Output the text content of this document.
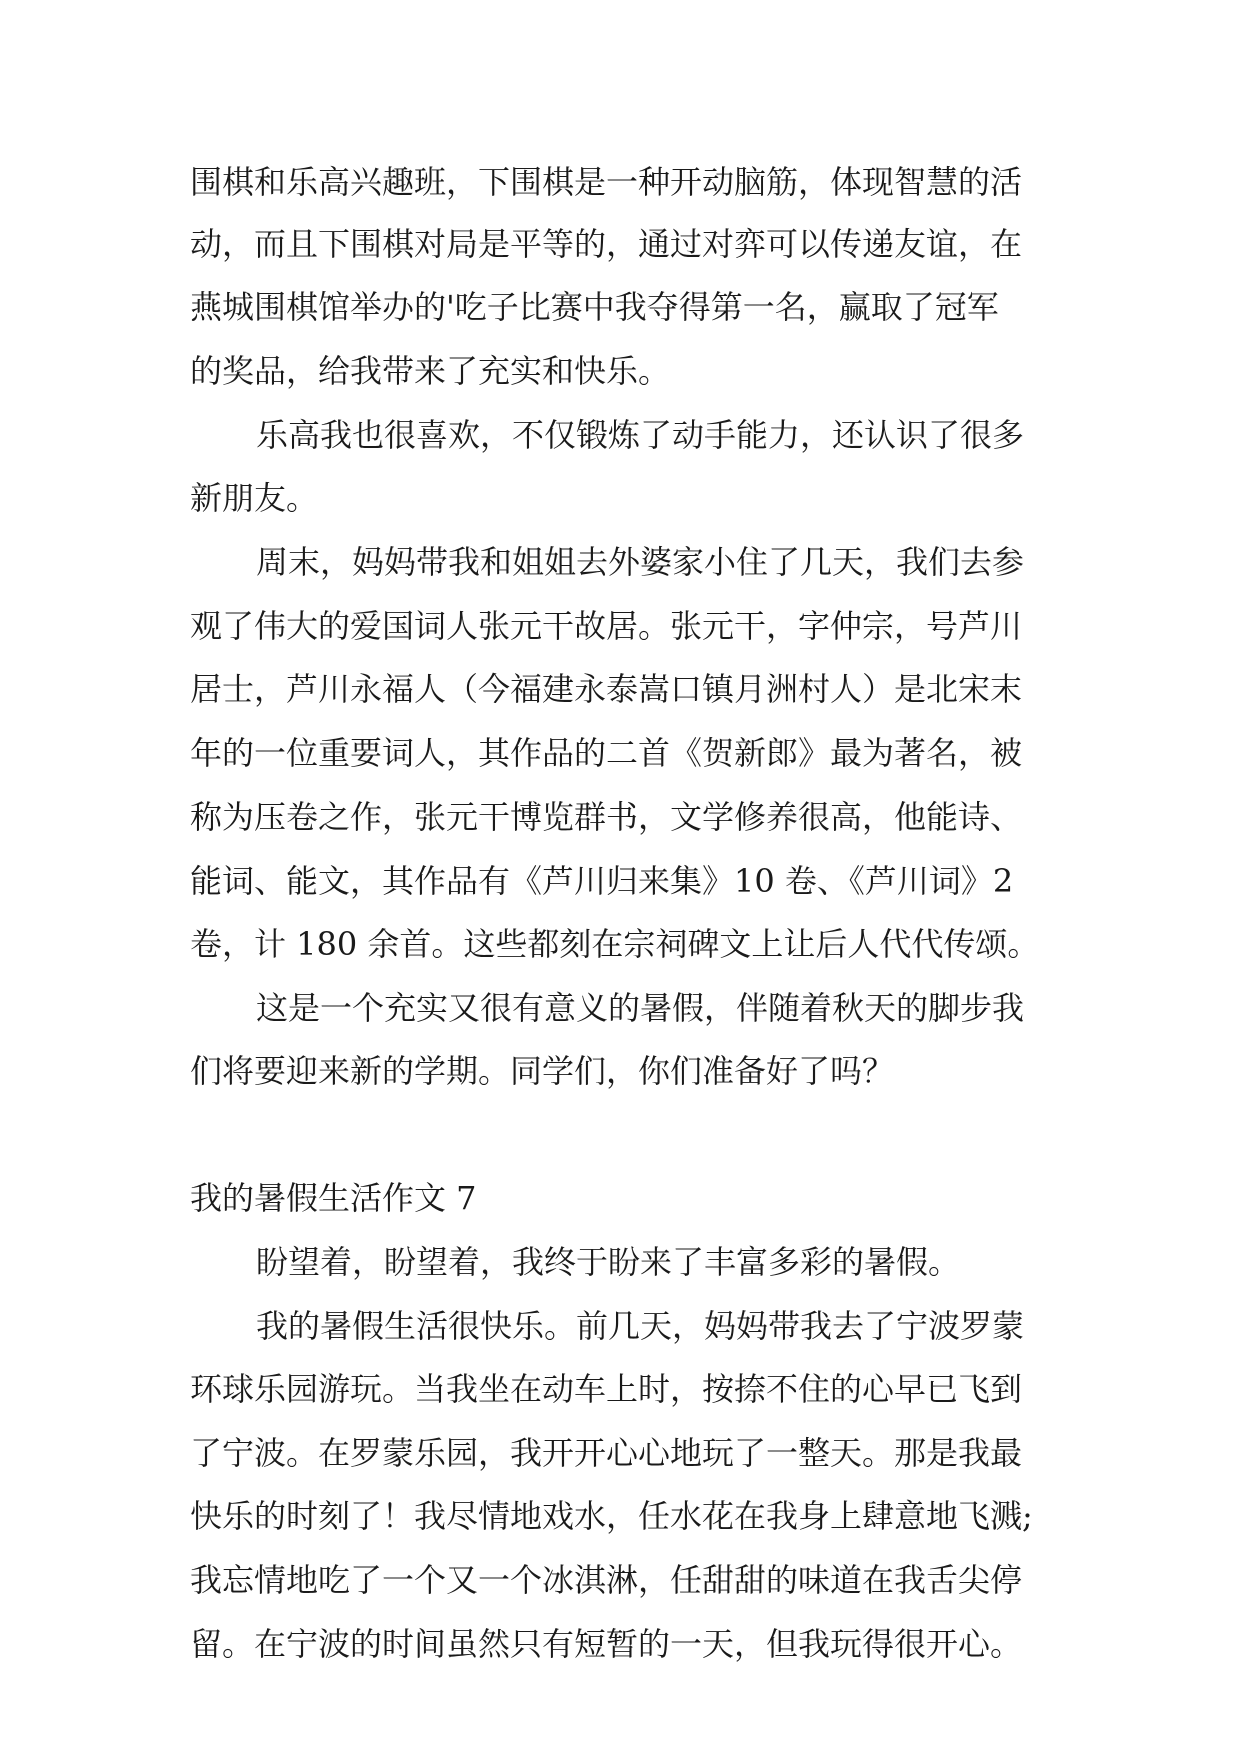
围棋和乐高兴趣班，下围棋是一种开动脑筋，体现智慧的活
动，而且下围棋对局是平等的，通过对弈可以传递友谊，在
燕城围棋馆举办的'吃子比赛中我夺得第一名，赢取了冠军
的奖品，给我带来了充实和快乐。
乐高我也很喜欢，不仅锻炼了动手能力，还认识了很多
新朋友。
周末，妈妈带我和姐姐去外婆家小住了几天，我们去参
观了伟大的爱国词人张元干故居。张元干，字仲宗，号芦川
居士，芦川永福人（今福建永泰嵩口镇月洲村人）是北宋末
年的一位重要词人，其作品的二首《贺新郎》最为著名，被
称为压卷之作，张元干博览群书，文学修养很高，他能诗、
能词、能文，其作品有《芦川归来集》10 卷、《芦川词》2
卷，计 180 余首。这些都刻在宗祠碑文上让后人代代传颂。
这是一个充实又很有意义的暑假，伴随着秋天的脚步我
们将要迎来新的学期。同学们，你们准备好了吗？
我的暑假生活作文 7
盼望着，盼望着，我终于盼来了丰富多彩的暑假。
我的暑假生活很快乐。前几天，妈妈带我去了宁波罗蒙
环球乐园游玩。当我坐在动车上时，按捺不住的心早已飞到
了宁波。在罗蒙乐园，我开开心心地玩了一整天。那是我最
快乐的时刻了！我尽情地戏水，任水花在我身上肆意地飞溅;
我忘情地吃了一个又一个冰淇淋，任甜甜的味道在我舌尖停
留。在宁波的时间虽然只有短暂的一天，但我玩得很开心。
